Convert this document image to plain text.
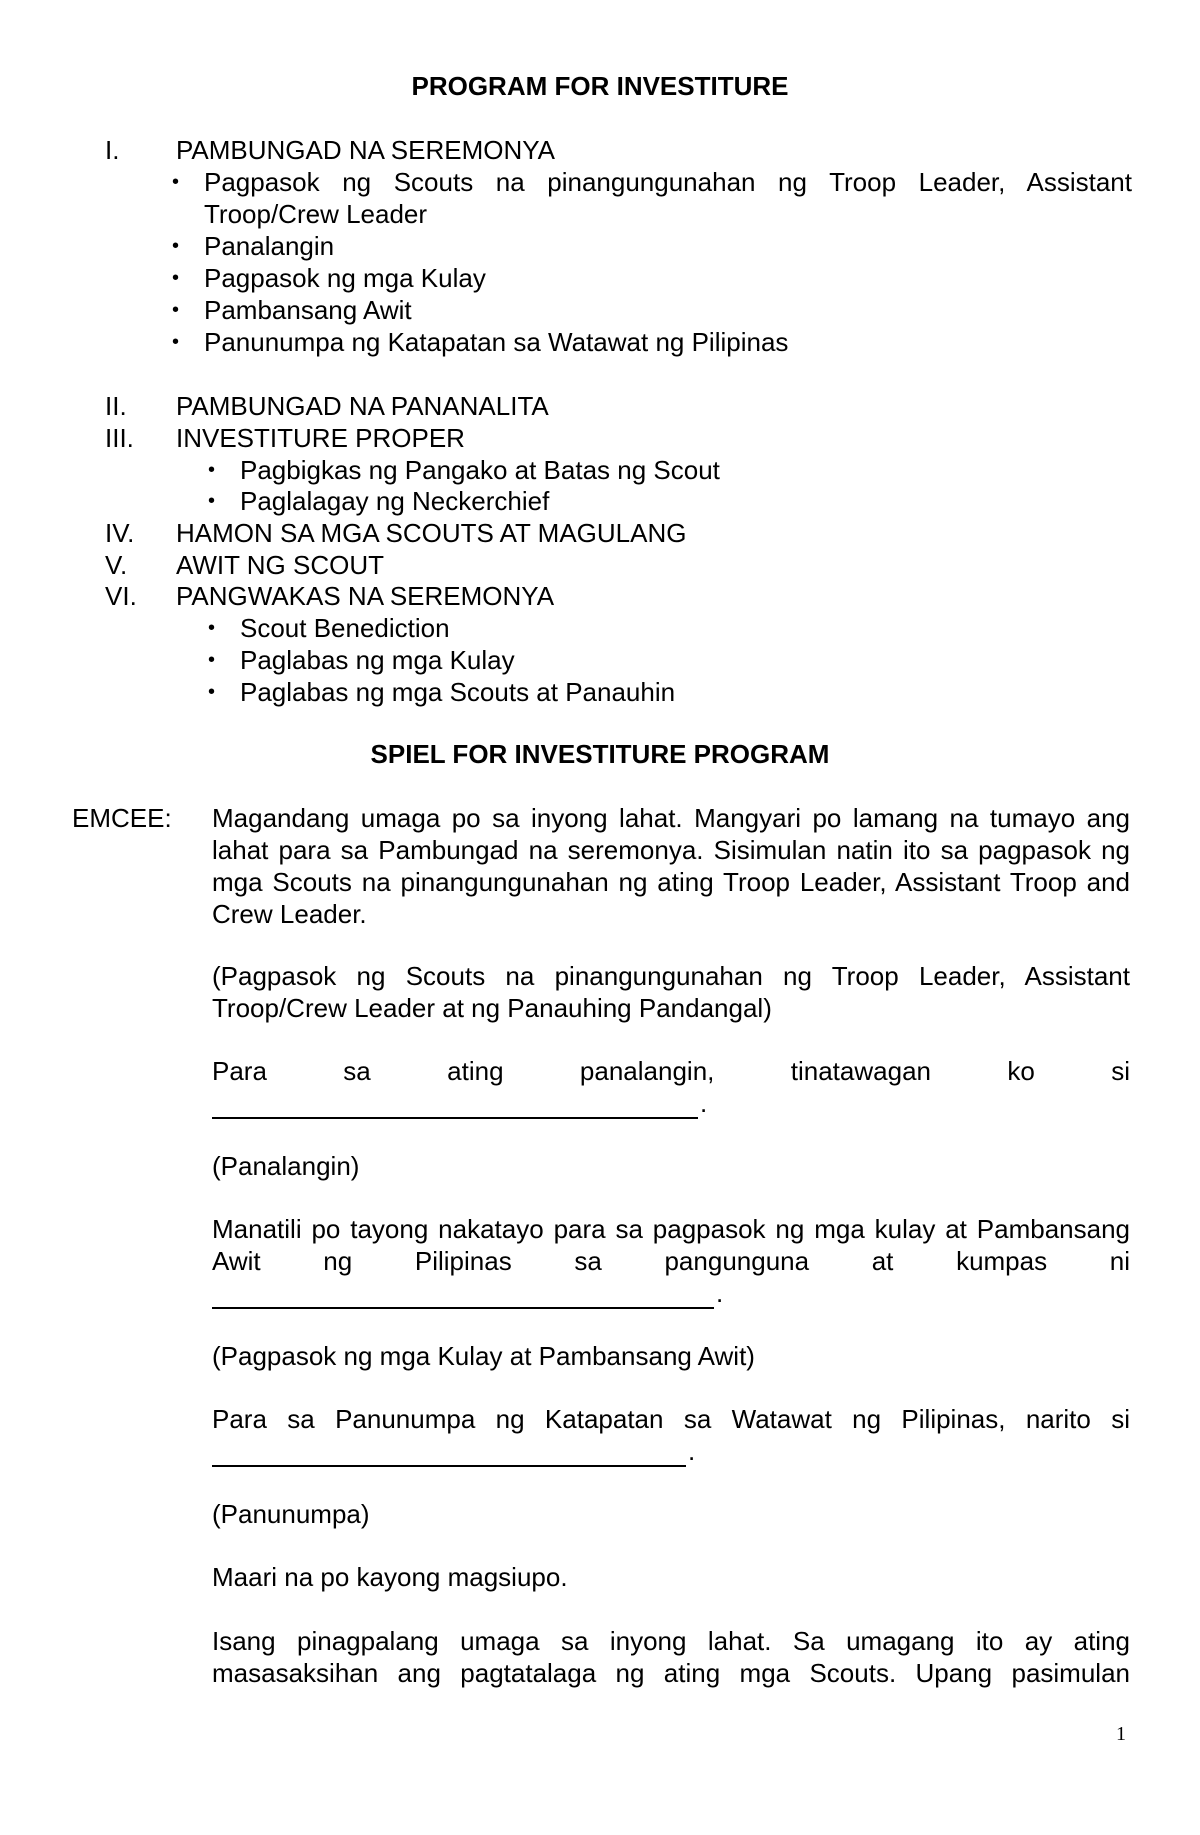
PROGRAM FOR INVESTITURE
I. PAMBUNGAD NA SEREMONYA
• Pagpasok ng Scouts na pinangungunahan ng Troop Leader, Assistant Troop/Crew Leader
• Panalangin
• Pagpasok ng mga Kulay
• Pambansang Awit
• Panunumpa ng Katapatan sa Watawat ng Pilipinas
II. PAMBUNGAD NA PANANALITA
III. INVESTITURE PROPER
• Pagbigkas ng Pangako at Batas ng Scout
• Paglalagay ng Neckerchief
IV. HAMON SA MGA SCOUTS AT MAGULANG
V. AWIT NG SCOUT
VI. PANGWAKAS NA SEREMONYA
• Scout Benediction
• Paglabas ng mga Kulay
• Paglabas ng mga Scouts at Panauhin
SPIEL FOR INVESTITURE PROGRAM
EMCEE: Magandang umaga po sa inyong lahat. Mangyari po lamang na tumayo ang lahat para sa Pambungad na seremonya. Sisimulan natin ito sa pagpasok ng mga Scouts na pinangungunahan ng ating Troop Leader, Assistant Troop and Crew Leader.
(Pagpasok ng Scouts na pinangungunahan ng Troop Leader, Assistant Troop/Crew Leader at ng Panauhing Pandangal)
Para sa ating panalangin, tinatawagan ko si
.
(Panalangin)
Manatili po tayong nakatayo para sa pagpasok ng mga kulay at Pambansang Awit ng Pilipinas sa pangunguna at kumpas ni
.
(Pagpasok ng mga Kulay at Pambansang Awit)
Para sa Panunumpa ng Katapatan sa Watawat ng Pilipinas, narito si
.
(Panunumpa)
Maari na po kayong magsiupo.
Isang pinagpalang umaga sa inyong lahat. Sa umagang ito ay ating masasaksihan ang pagtatalaga ng ating mga Scouts. Upang pasimulan
1
